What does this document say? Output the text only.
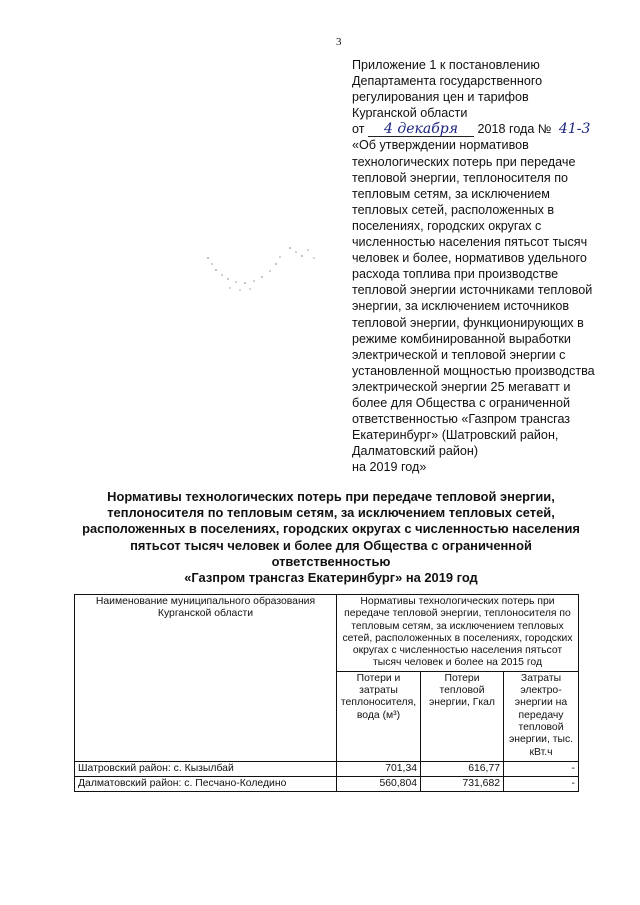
3
Приложение 1 к постановлению
Департамента государственного
регулирования цен и тарифов
Курганской области
от 4 декабря 2018 года № 41-3
«Об утверждении нормативов
технологических потерь при передаче
тепловой энергии, теплоносителя по
тепловым сетям, за исключением
тепловых сетей, расположенных в
поселениях, городских округах с
численностью населения пятьсот тысяч
человек и более, нормативов удельного
расхода топлива при производстве
тепловой энергии источниками тепловой
энергии, за исключением источников
тепловой энергии, функционирующих в
режиме комбинированной выработки
электрической и тепловой энергии с
установленной мощностью производства
электрической энергии 25 мегаватт и
более для Общества с ограниченной
ответственностью «Газпром трансгаз
Екатеринбург» (Шатровский район,
Далматовский район)
на 2019 год»
Нормативы технологических потерь при передаче тепловой энергии,
теплоносителя по тепловым сетям, за исключением тепловых сетей,
расположенных в поселениях, городских округах с численностью населения
пятьсот тысяч человек и более для Общества с ограниченной ответственностью
«Газпром трансгаз Екатеринбург» на 2019 год
Наименование муниципального образования Курганской области	Нормативы технологических потерь при передаче тепловой энергии, теплоносителя по тепловым сетям, за исключением тепловых сетей, расположенных в поселениях, городских округах с численностью населения пятьсот тысяч человек и более на 2015 год		
	Потери и затраты теплоносителя, вода (м³)	Потери тепловой энергии, Гкал	Затраты электро-энергии на передачу тепловой энергии, тыс. кВт.ч
Шатровский район: с. Кызылбай	701,34	616,77	-
Далматовский район: с. Песчано-Коледино	560,804	731,682	-
